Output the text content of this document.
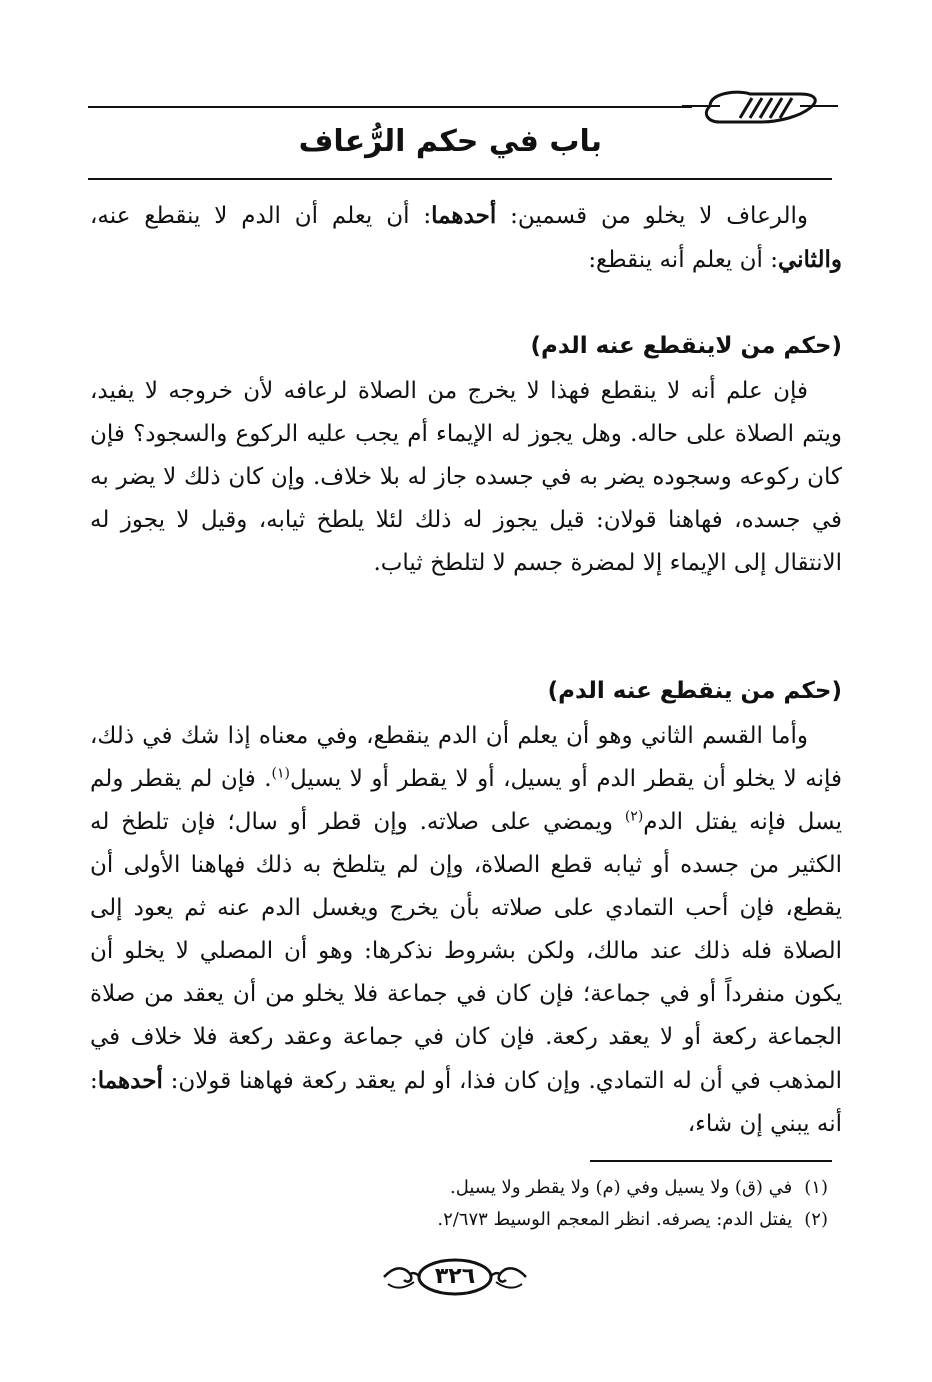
باب في حكم الرُّعاف

والرعاف لا يخلو من قسمين: أحدهما: أن يعلم أن الدم لا ينقطع عنه، والثاني: أن يعلم أنه ينقطع:

(حكم من لاينقطع عنه الدم)

فإن علم أنه لا ينقطع فهذا لا يخرج من الصلاة لرعافه لأن خروجه لا يفيد، ويتم الصلاة على حاله. وهل يجوز له الإيماء أم يجب عليه الركوع والسجود؟ فإن كان ركوعه وسجوده يضر به في جسده جاز له بلا خلاف. وإن كان ذلك لا يضر به في جسده، فهاهنا قولان: قيل يجوز له ذلك لئلا يلطخ ثيابه، وقيل لا يجوز له الانتقال إلى الإيماء إلا لمضرة جسم لا لتلطخ ثياب.

(حكم من ينقطع عنه الدم)

وأما القسم الثاني وهو أن يعلم أن الدم ينقطع، وفي معناه إذا شك في ذلك، فإنه لا يخلو أن يقطر الدم أو يسيل، أو لا يقطر أو لا يسيل$^{(١)}$. فإن لم يقطر ولم يسل فإنه يفتل الدم$^{(٢)}$ ويمضي على صلاته. وإن قطر أو سال؛ فإن تلطخ له الكثير من جسده أو ثيابه قطع الصلاة، وإن لم يتلطخ به ذلك فهاهنا الأولى أن يقطع، فإن أحب التمادي على صلاته بأن يخرج ويغسل الدم عنه ثم يعود إلى الصلاة فله ذلك عند مالك، ولكن بشروط نذكرها: وهو أن المصلي لا يخلو أن يكون منفرداً أو في جماعة؛ فإن كان في جماعة فلا يخلو من أن يعقد من صلاة الجماعة ركعة أو لا يعقد ركعة. فإن كان في جماعة وعقد ركعة فلا خلاف في المذهب في أن له التمادي. وإن كان فذا، أو لم يعقد ركعة فهاهنا قولان: أحدهما: أنه يبني إن شاء،

(١)في (ق) ولا يسيل وفي (م) ولا يقطر ولا يسيل.
(٢)يفتل الدم: يصرفه. انظر المعجم الوسيط ٢/٦٧٣.
٣٢٦
